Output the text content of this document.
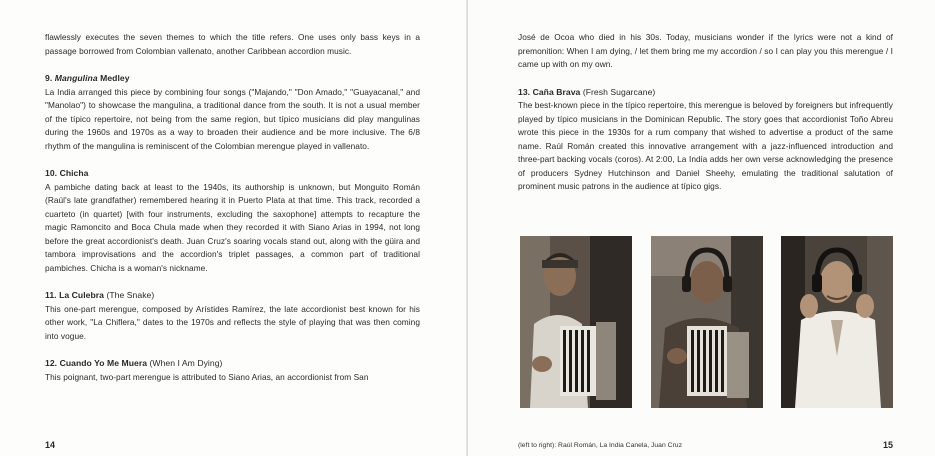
flawlessly executes the seven themes to which the title refers. One uses only bass keys in a passage borrowed from Colombian vallenato, another Caribbean accordion music.

9. Mangulina Medley

La India arranged this piece by combining four songs ("Majando," "Don Amado," "Guayacanal," and "Manolao") to showcase the mangulina, a traditional dance from the south. It is not a usual member of the típico repertoire, not being from the same region, but típico musicians did play mangulinas during the 1960s and 1970s as a way to broaden their audience and be more inclusive. The 6/8 rhythm of the mangulina is reminiscent of the Colombian merengue played in vallenato.

10. Chicha

A pambiche dating back at least to the 1940s, its authorship is unknown, but Monguito Román (Raúl's late grandfather) remembered hearing it in Puerto Plata at that time. This track, recorded a cuarteto (in quartet) [with four instruments, excluding the saxophone] attempts to recapture the magic Ramoncito and Boca Chula made when they recorded it with Siano Arias in 1994, not long before the great accordionist's death. Juan Cruz's soaring vocals stand out, along with the güira and tambora improvisations and the accordion's triplet passages, a common part of traditional pambiches. Chicha is a woman's nickname.

11. La Culebra (The Snake)

This one-part merengue, composed by Arístides Ramírez, the late accordionist best known for his other work, "La Chiflera," dates to the 1970s and reflects the style of playing that was then coming into vogue.

12. Cuando Yo Me Muera (When I Am Dying)

This poignant, two-part merengue is attributed to Siano Arias, an accordionist from San

14

José de Ocoa who died in his 30s. Today, musicians wonder if the lyrics were not a kind of premonition: When I am dying, / let them bring me my accordion / so I can play you this merengue / I came up with on my own.

13. Caña Brava (Fresh Sugarcane)

The best-known piece in the típico repertoire, this merengue is beloved by foreigners but infrequently played by típico musicians in the Dominican Republic. The story goes that accordionist Toño Abreu wrote this piece in the 1930s for a rum company that wished to advertise a product of the same name. Raúl Román created this innovative arrangement with a jazz-influenced introduction and three-part backing vocals (coros). At 2:00, La India adds her own verse acknowledging the presence of producers Sydney Hutchinson and Daniel Sheehy, emulating the traditional salutation of prominent music patrons in the audience at típico gigs.

(left to right): Raúl Román, La India Canela, Juan Cruz	15
